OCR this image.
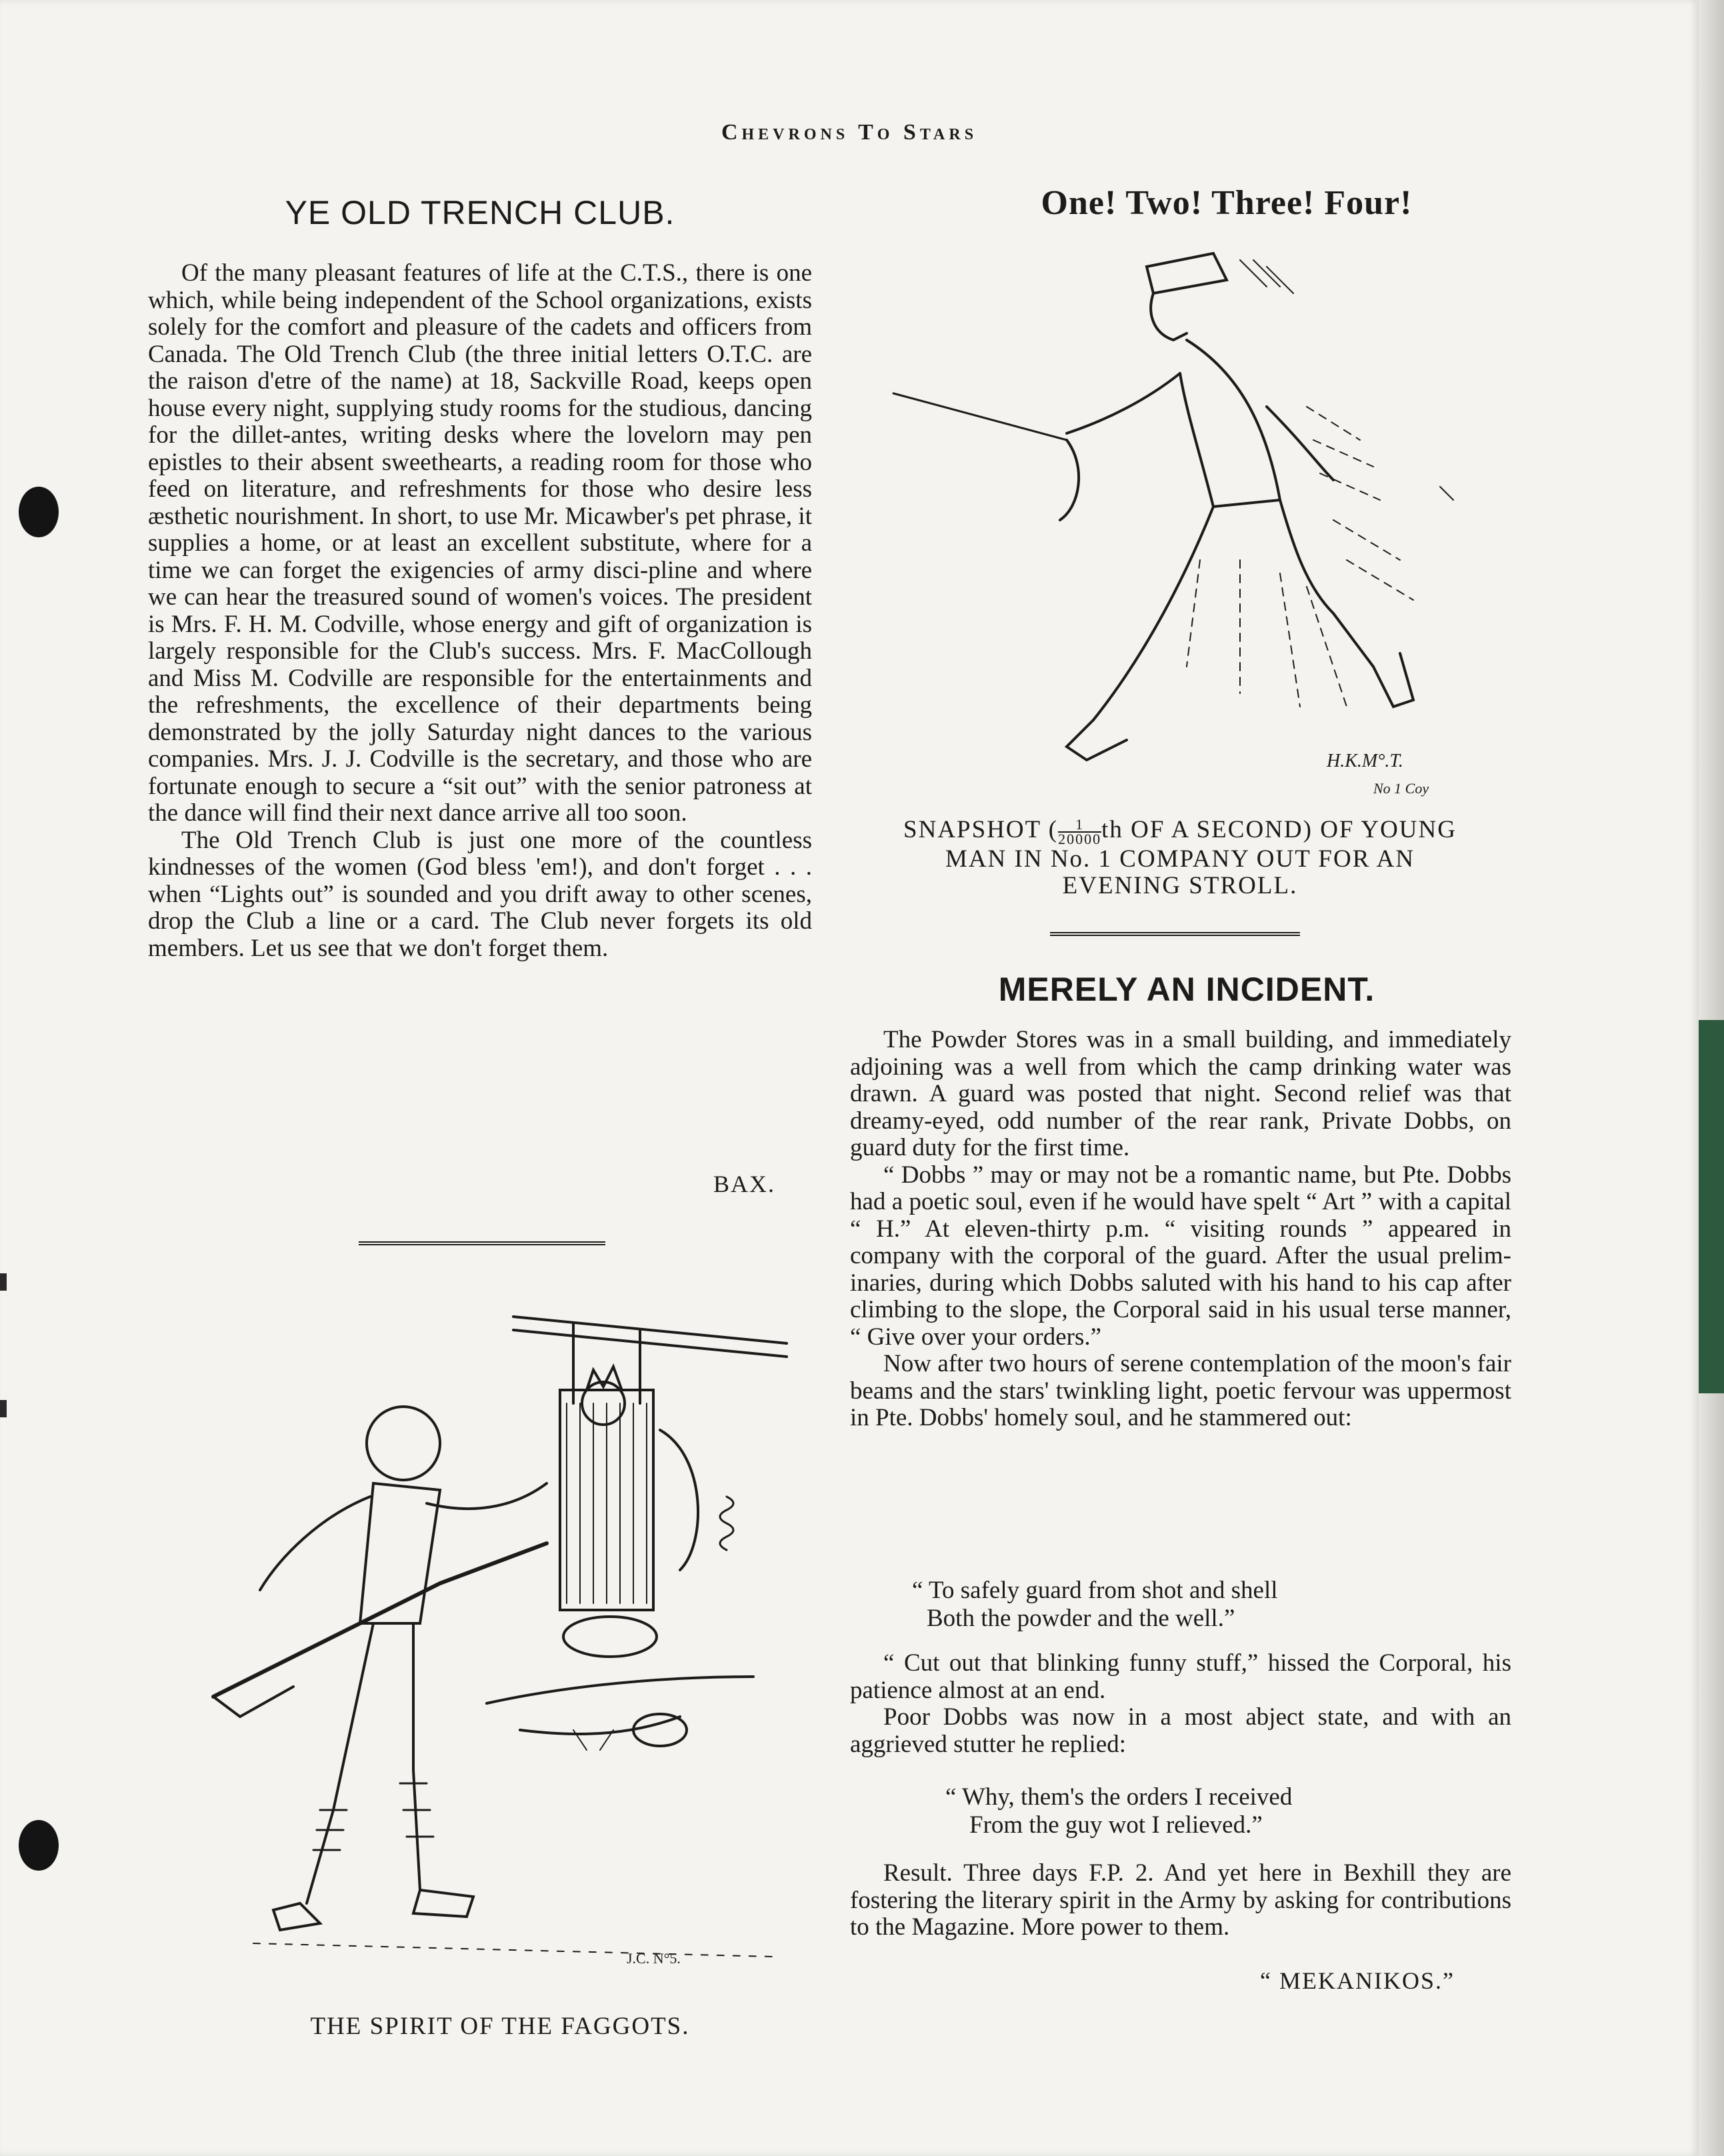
Chevrons To Stars
YE OLD TRENCH CLUB.

Of the many pleasant features of life at the C.T.S., there is one which, while being independent of the School organizations, exists solely for the comfort and pleasure of the cadets and officers from Canada. The Old Trench Club (the three initial letters O.T.C. are the raison d'etre of the name) at 18, Sackville Road, keeps open house every night, supplying study rooms for the studious, dancing for the dillet-antes, writing desks where the lovelorn may pen epistles to their absent sweethearts, a reading room for those who feed on literature, and refreshments for those who desire less æsthetic nourishment. In short, to use Mr. Micawber's pet phrase, it supplies a home, or at least an excellent substitute, where for a time we can forget the exigencies of army disci-pline and where we can hear the treasured sound of women's voices. The president is Mrs. F. H. M. Codville, whose energy and gift of organization is largely responsible for the Club's success. Mrs. F. MacCollough and Miss M. Codville are responsible for the entertainments and the refreshments, the excellence of their departments being demonstrated by the jolly Saturday night dances to the various companies. Mrs. J. J. Codville is the secretary, and those who are fortunate enough to secure a “sit out” with the senior patroness at the dance will find their next dance arrive all too soon.

The Old Trench Club is just one more of the countless kindnesses of the women (God bless 'em!), and don't forget . . . when “Lights out” is sounded and you drift away to other scenes, drop the Club a line or a card. The Club never forgets its old members. Let us see that we don't forget them.

BAX.
J.C. N°5.
THE SPIRIT OF THE FAGGOTS.
One! Two! Three! Four!
H.K.M°.T.
No 1 Coy
SNAPSHOT ( $\frac{1}{20000}$ th OF A SECOND) OF YOUNG
MAN IN No. 1 COMPANY OUT FOR AN
EVENING STROLL.
MERELY AN INCIDENT.

The Powder Stores was in a small building, and immediately adjoining was a well from which the camp drinking water was drawn. A guard was posted that night. Second relief was that dreamy-eyed, odd number of the rear rank, Private Dobbs, on guard duty for the first time.

“ Dobbs ” may or may not be a romantic name, but Pte. Dobbs had a poetic soul, even if he would have spelt “ Art ” with a capital “ H.” At eleven-thirty p.m. “ visiting rounds ” appeared in company with the corporal of the guard. After the usual prelim-inaries, during which Dobbs saluted with his hand to his cap after climbing to the slope, the Corporal said in his usual terse manner, “ Give over your orders.”

Now after two hours of serene contemplation of the moon's fair beams and the stars' twinkling light, poetic fervour was uppermost in Pte. Dobbs' homely soul, and he stammered out:

“ To safely guard from shot and shell
Both the powder and the well.”

“ Cut out that blinking funny stuff,” hissed the Corporal, his patience almost at an end.

Poor Dobbs was now in a most abject state, and with an aggrieved stutter he replied:

“ Why, them's the orders I received
From the guy wot I relieved.”

Result. Three days F.P. 2. And yet here in Bexhill they are fostering the literary spirit in the Army by asking for contributions to the Magazine. More power to them.

“ MEKANIKOS.”
